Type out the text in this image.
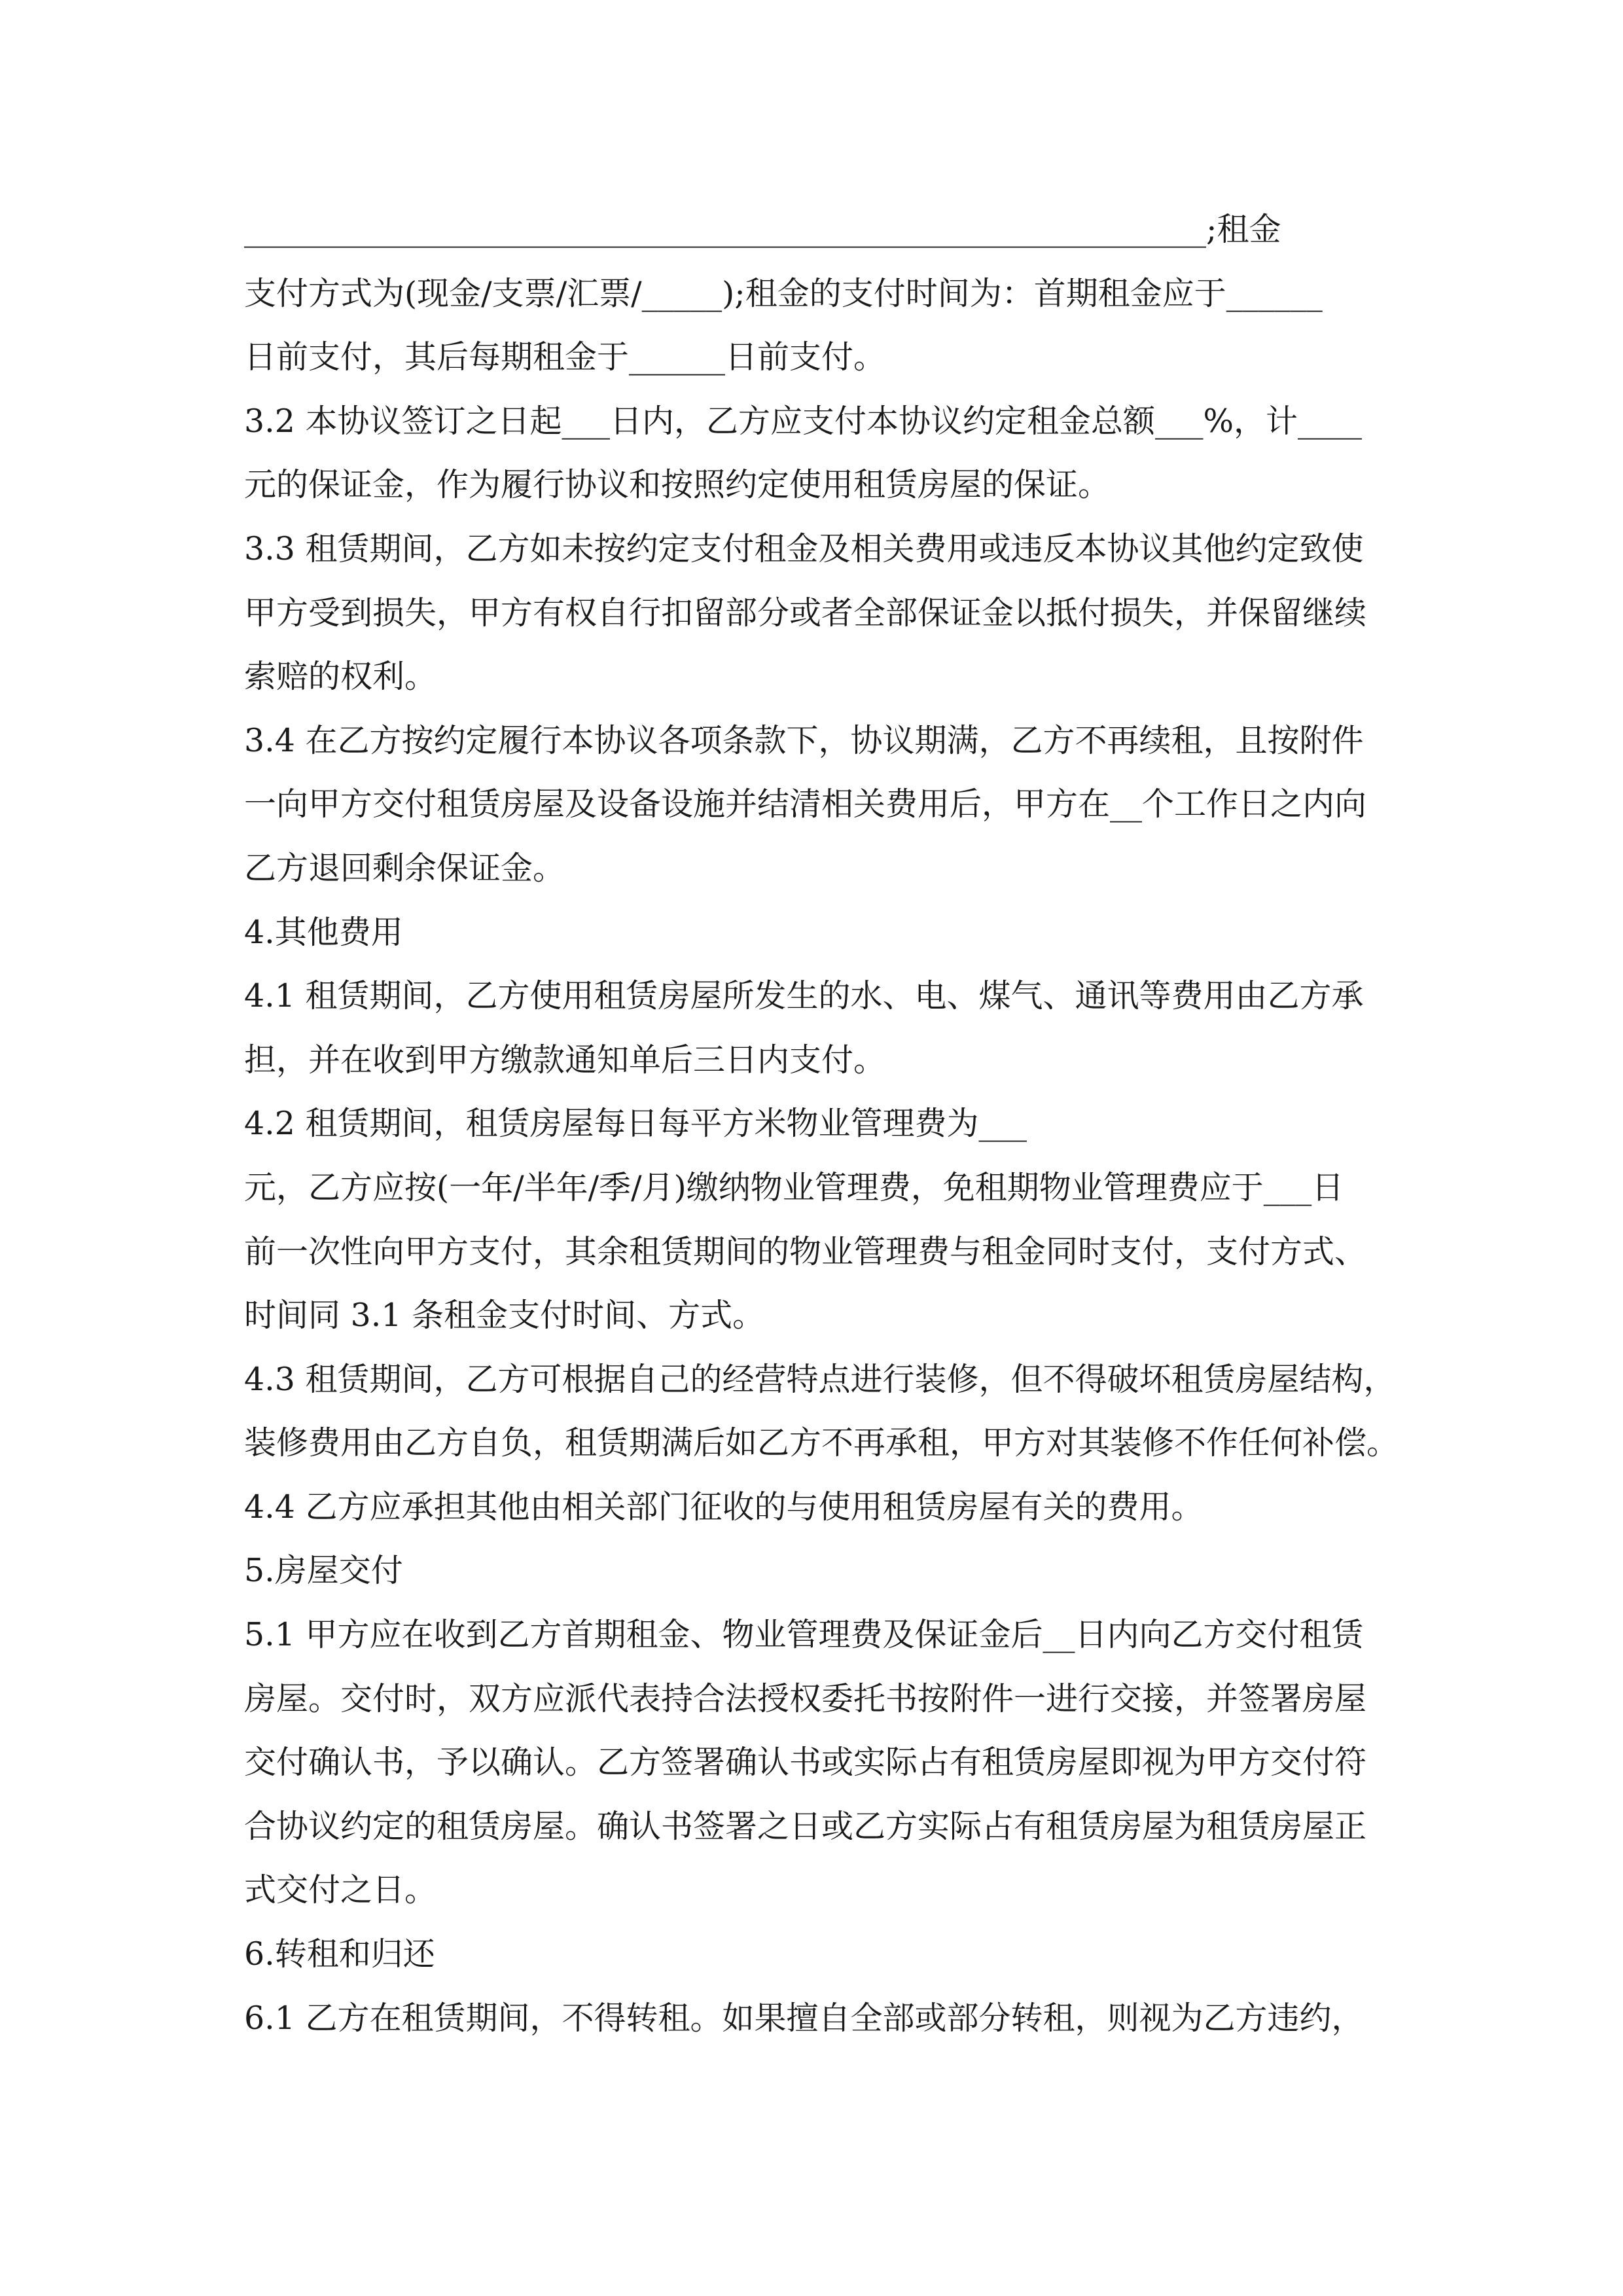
____________________________________________________________;租金
支付方式为(现金/支票/汇票/_____);租金的支付时间为：首期租金应于______
日前支付，其后每期租金于______日前支付。
3.2 本协议签订之日起___日内，乙方应支付本协议约定租金总额___%，计____
元的保证金，作为履行协议和按照约定使用租赁房屋的保证。
3.3 租赁期间，乙方如未按约定支付租金及相关费用或违反本协议其他约定致使
甲方受到损失，甲方有权自行扣留部分或者全部保证金以抵付损失，并保留继续
索赔的权利。
3.4 在乙方按约定履行本协议各项条款下，协议期满，乙方不再续租，且按附件
一向甲方交付租赁房屋及设备设施并结清相关费用后，甲方在__个工作日之内向
乙方退回剩余保证金。
4.其他费用
4.1 租赁期间，乙方使用租赁房屋所发生的水、电、煤气、通讯等费用由乙方承
担，并在收到甲方缴款通知单后三日内支付。
4.2 租赁期间，租赁房屋每日每平方米物业管理费为___
元，乙方应按(一年/半年/季/月)缴纳物业管理费，免租期物业管理费应于___日
前一次性向甲方支付，其余租赁期间的物业管理费与租金同时支付，支付方式、
时间同 3.1 条租金支付时间、方式。
4.3 租赁期间，乙方可根据自己的经营特点进行装修，但不得破坏租赁房屋结构，
装修费用由乙方自负，租赁期满后如乙方不再承租，甲方对其装修不作任何补偿。
4.4 乙方应承担其他由相关部门征收的与使用租赁房屋有关的费用。
5.房屋交付
5.1 甲方应在收到乙方首期租金、物业管理费及保证金后__日内向乙方交付租赁
房屋。交付时，双方应派代表持合法授权委托书按附件一进行交接，并签署房屋
交付确认书，予以确认。乙方签署确认书或实际占有租赁房屋即视为甲方交付符
合协议约定的租赁房屋。确认书签署之日或乙方实际占有租赁房屋为租赁房屋正
式交付之日。
6.转租和归还
6.1 乙方在租赁期间，不得转租。如果擅自全部或部分转租，则视为乙方违约，
